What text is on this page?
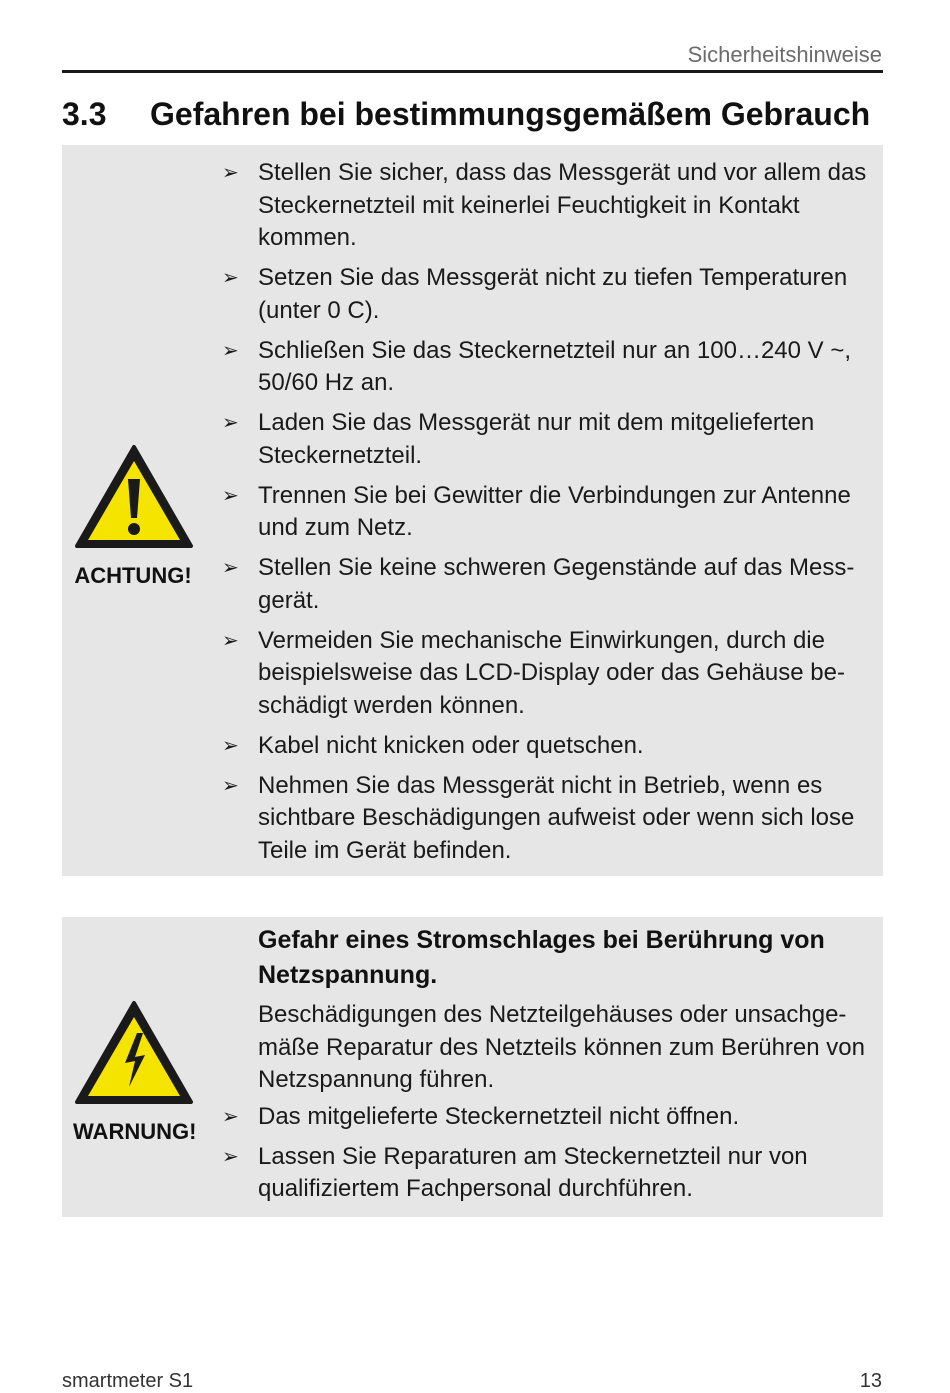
Sicherheitshinweise
3.3 Gefahren bei bestimmungsgemäßem Gebrauch
ACHTUNG!
➢ Stellen Sie sicher, dass das Messgerät und vor allem das Steckernetzteil mit keinerlei Feuchtigkeit in Kontakt kommen.
➢ Setzen Sie das Messgerät nicht zu tiefen Temperaturen (unter 0 C).
➢ Schließen Sie das Steckernetzteil nur an 100…240 V ~, 50/60 Hz an.
➢ Laden Sie das Messgerät nur mit dem mitgelieferten Steckernetzteil.
➢ Trennen Sie bei Gewitter die Verbindungen zur Antenne und zum Netz.
➢ Stellen Sie keine schweren Gegenstände auf das Mess- gerät.
➢ Vermeiden Sie mechanische Einwirkungen, durch die beispielsweise das LCD-Display oder das Gehäuse be- schädigt werden können.
➢ Kabel nicht knicken oder quetschen.
➢ Nehmen Sie das Messgerät nicht in Betrieb, wenn es sichtbare Beschädigungen aufweist oder wenn sich lose Teile im Gerät befinden.
WARNUNG!

Gefahr eines Stromschlages bei Berührung von Netzspannung.

Beschädigungen des Netzteilgehäuses oder unsachge- mäße Reparatur des Netzteils können zum Berühren von Netzspannung führen.

➢ Das mitgelieferte Steckernetzteil nicht öffnen.
➢ Lassen Sie Reparaturen am Steckernetzteil nur von qualifiziertem Fachpersonal durchführen.
smartmeter S1	13
